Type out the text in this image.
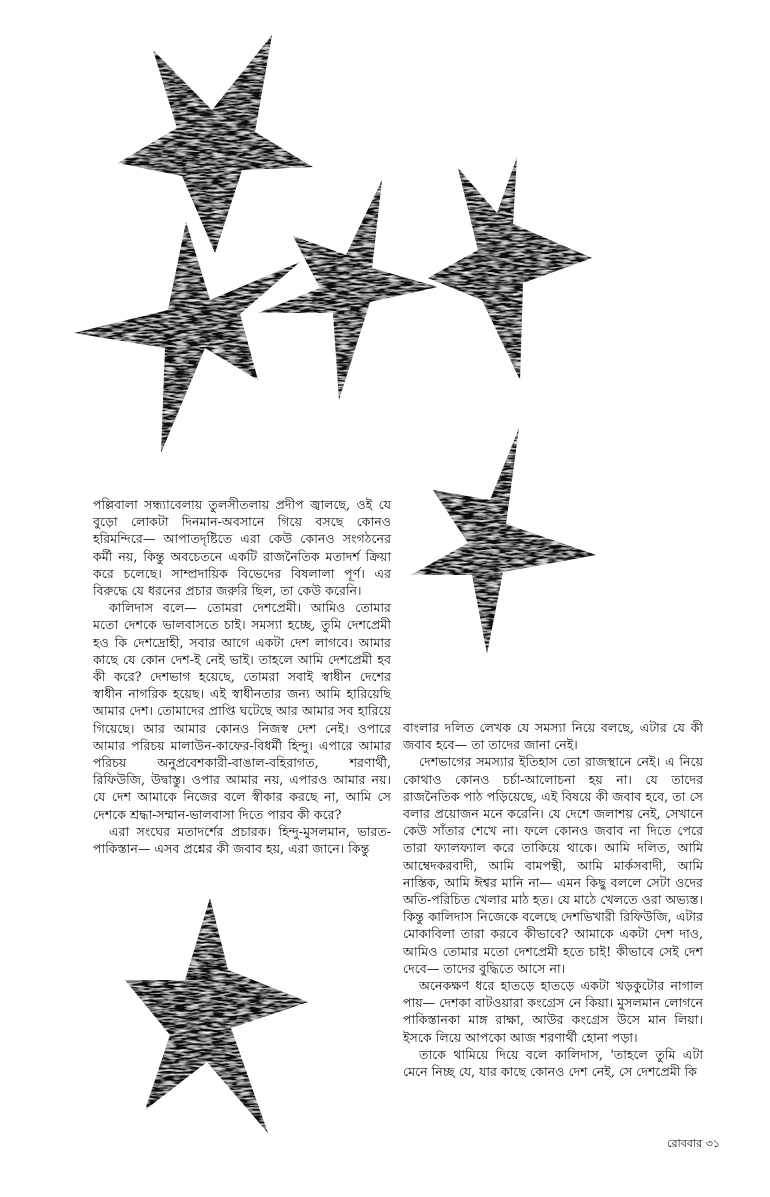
পল্লিবালা সন্ধ্যাবেলায় তুলসীতলায় প্রদীপ জ্বালছে, ওই যে বুড়ো লোকটা দিনমান-অবসানে গিয়ে বসছে কোনও হরিমন্দিরে— আপাতদৃষ্টিতে এরা কেউ কোনও সংগঠনের কর্মী নয়, কিন্তু অবচেতনে একটি রাজনৈতিক মতাদর্শ ক্রিয়া করে চলেছে। সাম্প্রদায়িক বিভেদের বিষলালা পূর্ণ। এর বিরুদ্ধে যে ধরনের প্রচার জরুরি ছিল, তা কেউ করেনি।

কালিদাস বলে— তোমরা দেশপ্রেমী। আমিও তোমার মতো দেশকে ভালবাসতে চাই। সমস্যা হচ্ছে, তুমি দেশপ্রেমী হও কি দেশদ্রোহী, সবার আগে একটা দেশ লাগবে। আমার কাছে যে কোন দেশ-ই নেই ভাই। তাহলে আমি দেশপ্রেমী হব কী করে? দেশভাগ হয়েছে, তোমরা সবাই স্বাধীন দেশের স্বাধীন নাগরিক হয়েছ। এই স্বাধীনতার জন্য আমি হারিয়েছি আমার দেশ। তোমাদের প্রাপ্তি ঘটেছে আর আমার সব হারিয়ে গিয়েছে। আর আমার কোনও নিজস্ব দেশ নেই। ওপারে আমার পরিচয় মালাউন-কাফের-বিধর্মী হিন্দু। এপারে আমার পরিচয় অনুপ্রবেশকারী-বাঙাল-বহিরাগত, শরণার্থী, রিফিউজি, উদ্বাস্তু। ওপার আমার নয়, এপারও আমার নয়। যে দেশ আমাকে নিজের বলে স্বীকার করছে না, আমি সে দেশকে শ্রদ্ধা-সম্মান-ভালবাসা দিতে পারব কী করে?

এরা সংঘের মতাদর্শের প্রচারক। হিন্দু-মুসলমান, ভারত-পাকিস্তান— এসব প্রশ্নের কী জবাব হয়, এরা জানে। কিন্তু

বাংলার দলিত লেখক যে সমস্যা নিয়ে বলছে, এটার যে কী জবাব হবে— তা তাদের জানা নেই।

দেশভাগের সমস্যার ইতিহাস তো রাজস্থানে নেই। এ নিয়ে কোথাও কোনও চর্চা-আলোচনা হয় না। যে তাদের রাজনৈতিক পাঠ পড়িয়েছে, এই বিষয়ে কী জবাব হবে, তা সে বলার প্রয়োজন মনে করেনি। যে দেশে জলাশয় নেই, সেখানে কেউ সাঁতার শেখে না। ফলে কোনও জবাব না দিতে পেরে তারা ফ্যালফ্যাল করে তাকিয়ে থাকে। আমি দলিত, আমি আম্বেদকরবাদী, আমি বামপন্থী, আমি মার্কসবাদী, আমি নাস্তিক, আমি ঈশ্বর মানি না— এমন কিছু বললে সেটা ওদের অতি-পরিচিত খেলার মাঠ হত। যে মাঠে খেলতে ওরা অভ্যস্ত। কিন্তু কালিদাস নিজেকে বলেছে দেশভিখারী রিফিউজি, এটার মোকাবিলা তারা করবে কীভাবে? আমাকে একটা দেশ দাও, আমিও তোমার মতো দেশপ্রেমী হতে চাই! কীভাবে সেই দেশ দেবে— তাদের বুদ্ধিতে আসে না।

অনেকক্ষণ ধরে হাতড়ে হাতড়ে একটা খড়কুটোর নাগাল পায়— দেশকা বাটওয়ারা কংগ্রেস নে কিয়া। মুসলমান লোগনে পাকিস্তানকা মাঙ্গ রাক্ষা, আউর কংগ্রেস উসে মান লিয়া। ইসকে লিয়ে আপকো আজ শরণার্থী হোনা পড়া।

তাকে থামিয়ে দিয়ে বলে কালিদাস, 'তাহলে তুমি এটা মেনে নিচ্ছ যে, যার কাছে কোনও দেশ নেই, সে দেশপ্রেমী কি

রোববার ৩১
